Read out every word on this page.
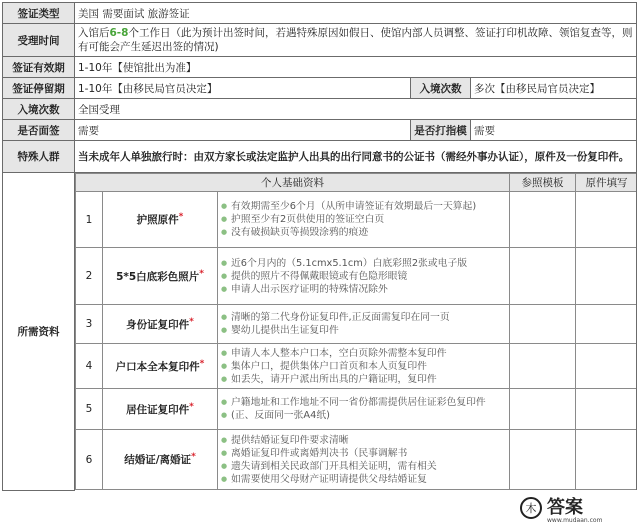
签证类型	美国 需要面试 旅游签证
受理时间	入馆后6-8个工作日（此为预计出签时间，若遇特殊原因如假日、使馆内部人员调整、签证打印机故障、领馆复查等，则有可能会产生延迟出签的情况)
签证有效期	1-10年【使馆批出为准】
签证停留期	1-10年【由移民局官员决定】	入境次数	多次【由移民局官员决定】
入境次数	全国受理
是否面签	需要	是否打指模	需要
特殊人群	当未成年人单独旅行时：由双方家长或法定监护人出具的出行同意书的公证书（需经外事办认证），原件及一份复印件。
所需资料	
个人基础资料	参照模板	原件填写
1	护照原件*	
● 有效期需至少6个月（从所申请签证有效期最后一天算起)
● 护照至少有2页供使用的签证空白页
● 没有破损缺页等损毁涂鸦的痕迹

2	5*5白底彩色照片*	
● 近6个月内的（5.1cmx5.1cm）白底彩照2张或电子版
● 提供的照片不得佩戴眼镜或有色隐形眼镜
● 申请人出示医疗证明的特殊情况除外

3	身份证复印件*	
●清晰的第二代身份证复印件,正反面需复印在同一页
● 婴幼儿提供出生证复印件

4	户口本全本复印件*	
● 申请人本人整本户口本，空白页除外需整本复印件
● 集体户口，提供集体户口首页和本人页复印件
● 如丢失，请开户派出所出具的户籍证明，复印件

5	居住证复印件*	
●户籍地址和工作地址不同一省份都需提供居住证彩色复印件
● (正、反面同一张A4纸)

6	结婚证/离婚证*	
● 提供结婚证复印件要求清晰
● 离婚证复印件或离婚判决书（民事调解书
● 遗失请到相关民政部门开具相关证明，需有相关
● 如需要使用父母财产证明请提供父母结婚证复

木 答案
www.mudaan.com
